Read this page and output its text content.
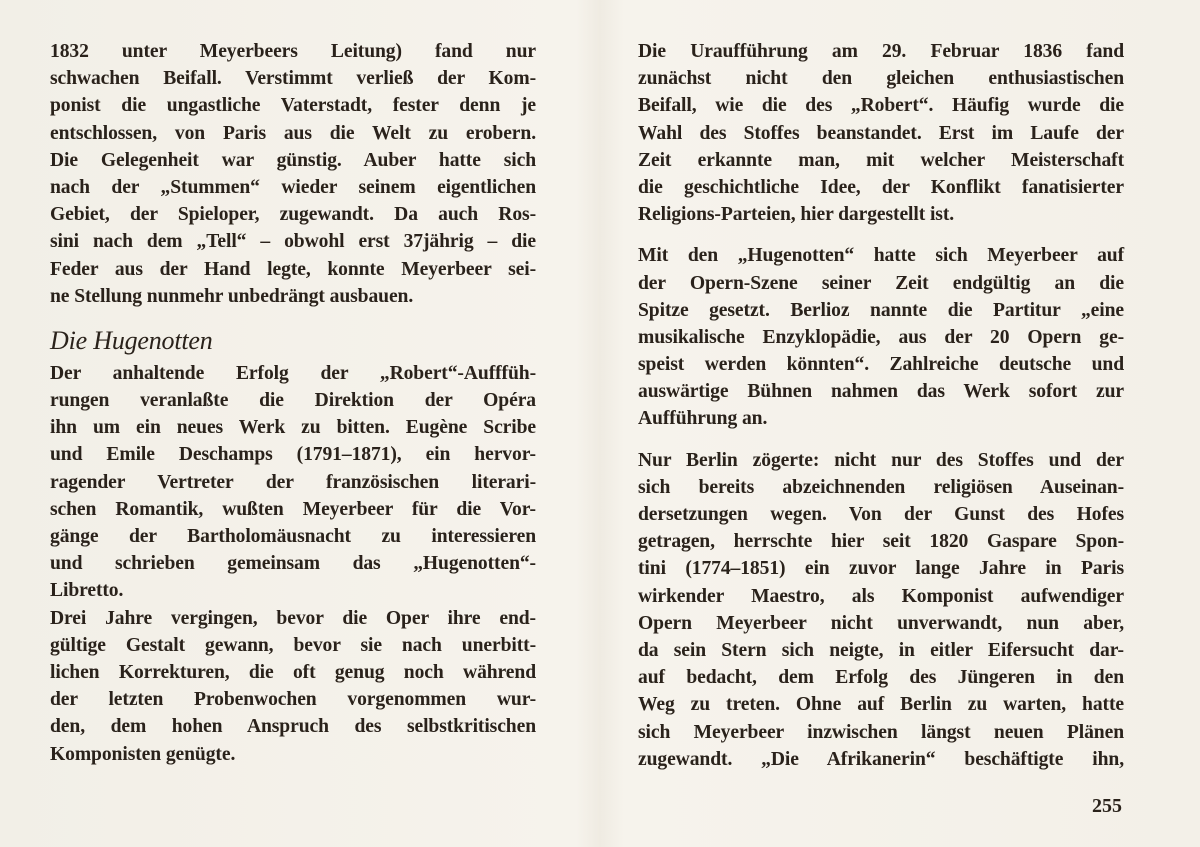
1832 unter Meyerbeers Leitung) fand nur
schwachen Beifall. Verstimmt verließ der Kom-
ponist die ungastliche Vaterstadt, fester denn je
entschlossen, von Paris aus die Welt zu erobern.
Die Gelegenheit war günstig. Auber hatte sich
nach der „Stummen“ wieder seinem eigentlichen
Gebiet, der Spieloper, zugewandt. Da auch Ros-
sini nach dem „Tell“ – obwohl erst 37jährig – die
Feder aus der Hand legte, konnte Meyerbeer sei-
ne Stellung nunmehr unbedrängt ausbauen.
Die Hugenotten
Der anhaltende Erfolg der „Robert“-Aufffüh-
rungen veranlaßte die Direktion der Opéra
ihn um ein neues Werk zu bitten. Eugène Scribe
und Emile Deschamps (1791–1871), ein hervor-
ragender Vertreter der französischen literari-
schen Romantik, wußten Meyerbeer für die Vor-
gänge der Bartholomäusnacht zu interessieren
und schrieben gemeinsam das „Hugenotten“-
Libretto.
Drei Jahre vergingen, bevor die Oper ihre end-
gültige Gestalt gewann, bevor sie nach unerbitt-
lichen Korrekturen, die oft genug noch während
der letzten Probenwochen vorgenommen wur-
den, dem hohen Anspruch des selbstkritischen
Komponisten genügte.
Die Uraufführung am 29. Februar 1836 fand
zunächst nicht den gleichen enthusiastischen
Beifall, wie die des „Robert“. Häufig wurde die
Wahl des Stoffes beanstandet. Erst im Laufe der
Zeit erkannte man, mit welcher Meisterschaft
die geschichtliche Idee, der Konflikt fanatisierter
Religions-Parteien, hier dargestellt ist.
Mit den „Hugenotten“ hatte sich Meyerbeer auf
der Opern-Szene seiner Zeit endgültig an die
Spitze gesetzt. Berlioz nannte die Partitur „eine
musikalische Enzyklopädie, aus der 20 Opern ge-
speist werden könnten“. Zahlreiche deutsche und
auswärtige Bühnen nahmen das Werk sofort zur
Aufführung an.
Nur Berlin zögerte: nicht nur des Stoffes und der
sich bereits abzeichnenden religiösen Auseinan-
dersetzungen wegen. Von der Gunst des Hofes
getragen, herrschte hier seit 1820 Gaspare Spon-
tini (1774–1851) ein zuvor lange Jahre in Paris
wirkender Maestro, als Komponist aufwendiger
Opern Meyerbeer nicht unverwandt, nun aber,
da sein Stern sich neigte, in eitler Eifersucht dar-
auf bedacht, dem Erfolg des Jüngeren in den
Weg zu treten. Ohne auf Berlin zu warten, hatte
sich Meyerbeer inzwischen längst neuen Plänen
zugewandt. „Die Afrikanerin“ beschäftigte ihn,
255
